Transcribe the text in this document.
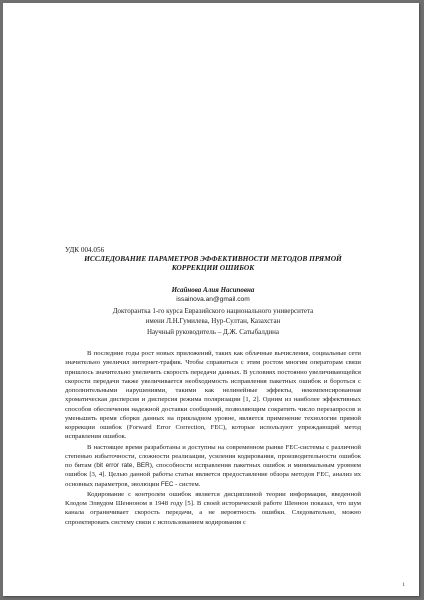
УДК 004.056
ИССЛЕДОВАНИЕ ПАРАМЕТРОВ ЭФФЕКТИВНОСТИ МЕТОДОВ ПРЯМОЙ
КОРРЕКЦИИ ОШИБОК
Исайнова Алия Насиповна
issainova.an@gmail.com
Докторантка 1-го курса Евразийского национального университета
имени Л.Н.Гумилева, Нур-Султан, Казахстан
Научный руководитель – Д.Ж. Сатыбалдина

В последние годы рост новых приложений, таких как облачные вычисления, социальные сети значительно увеличил интернет-трафик. Чтобы справиться с этим ростом многим операторам связи пришлось значительно увеличить скорость передачи данных. В условиях постоянно увеличивающейся скорости передачи также увеличивается необходимость исправления пакетных ошибок и бороться с дополнительными нарушениями, такими как нелинейные эффекты, некомпенсированная хроматическая дисперсия и дисперсия режима поляризации [1, 2]. Одним из наиболее эффективных способов обеспечения надежной доставки сообщений, позволяющим сократить число перезапросов и уменьшить время сборки данных на прикладном уровне, является применение технологии прямой коррекции ошибок (Forward Error Correction, FEC), которые используют упреждающий метод исправления ошибок.

В настоящее время разработаны и доступны на современном рынке FEC-системы с различной степенью избыточности, сложности реализации, усиления кодирования, производительности ошибок по битам (bit error rate, BER), способности исправления пакетных ошибок и минимальным уровнем ошибок [3, 4]. Целью данной работы статьи является предоставление обзора методов FEC, анализ их основных параметров, эволюции FEC - систем.

Кодирование с контролем ошибок является дисциплиной теории информации, введенной Клодом Элвудом Шенноном в 1948 году [5]. В своей исторической работе Шеннон показал, что шум канала ограничивает скорость передачи, а не вероятность ошибки. Следовательно, можно спроектировать систему связи с использованием кодирования с

1
